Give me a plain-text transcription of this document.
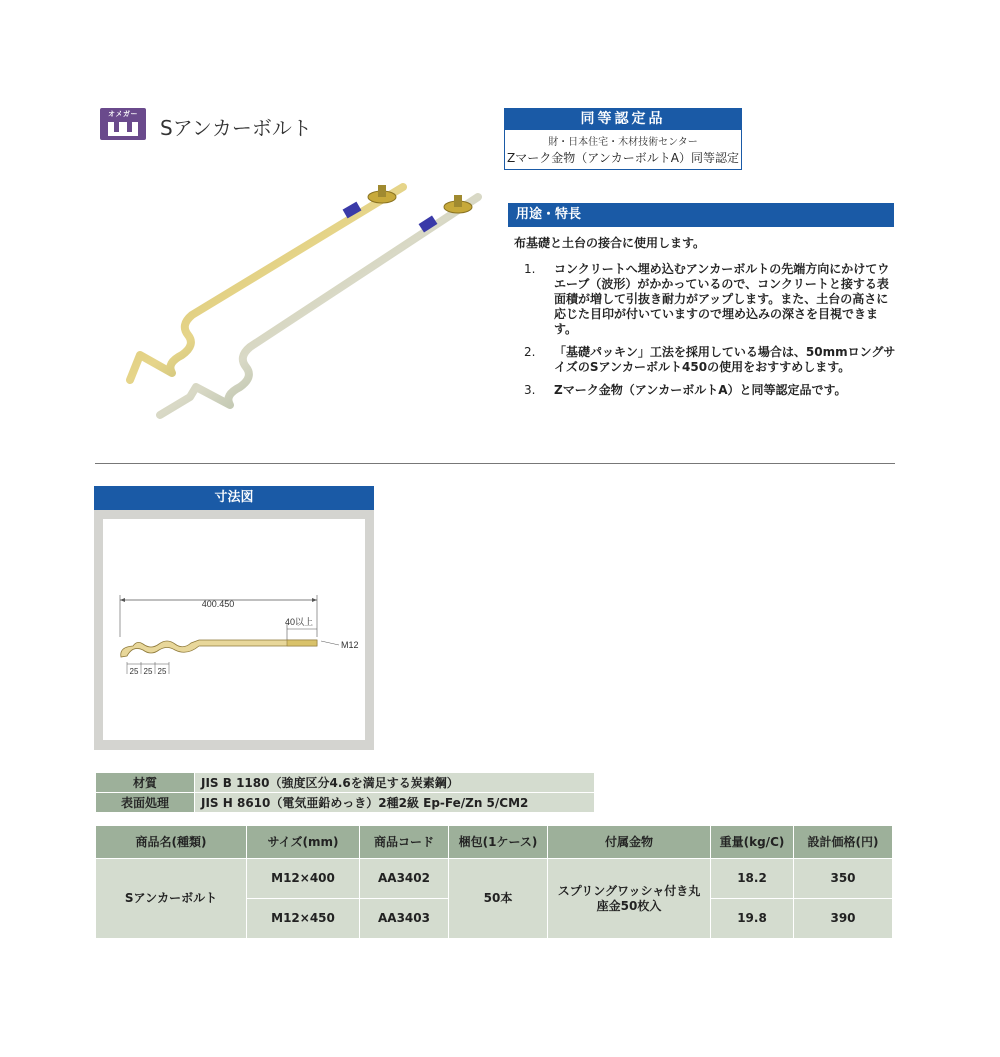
オメガー
Sアンカーボルト	同等認定品
財・日本住宅・木材技術センター
Zマーク金物（アンカーボルトA）同等認定
用途・特長
布基礎と土台の接合に使用します。
1.	コンクリートへ埋め込むアンカーボルトの先端方向にかけてウエーブ（波形）がかかっているので、コンクリートと接する表面積が増して引抜き耐力がアップします。また、土台の高さに応じた目印が付いていますので埋め込みの深さを目視できます。
2.	「基礎パッキン」工法を採用している場合は、50mmロングサイズのSアンカーボルト450の使用をおすすめします。
3.	Zマーク金物（アンカーボルトA）と同等認定品です。
寸法図
400.450
40以上
M12
25 25 25
材質	JIS B 1180（強度区分4.6を満足する炭素鋼）
表面処理	JIS H 8610（電気亜鉛めっき）2種2級 Ep-Fe/Zn 5/CM2
商品名(種類)	サイズ(mm)	商品コード	梱包(1ケース)	付属金物	重量(kg/C)	設計価格(円)
Sアンカーボルト	M12×400	AA3402	50本	スプリングワッシャ付き丸座金50枚入	18.2	350
	M12×450	AA3403			19.8	390
